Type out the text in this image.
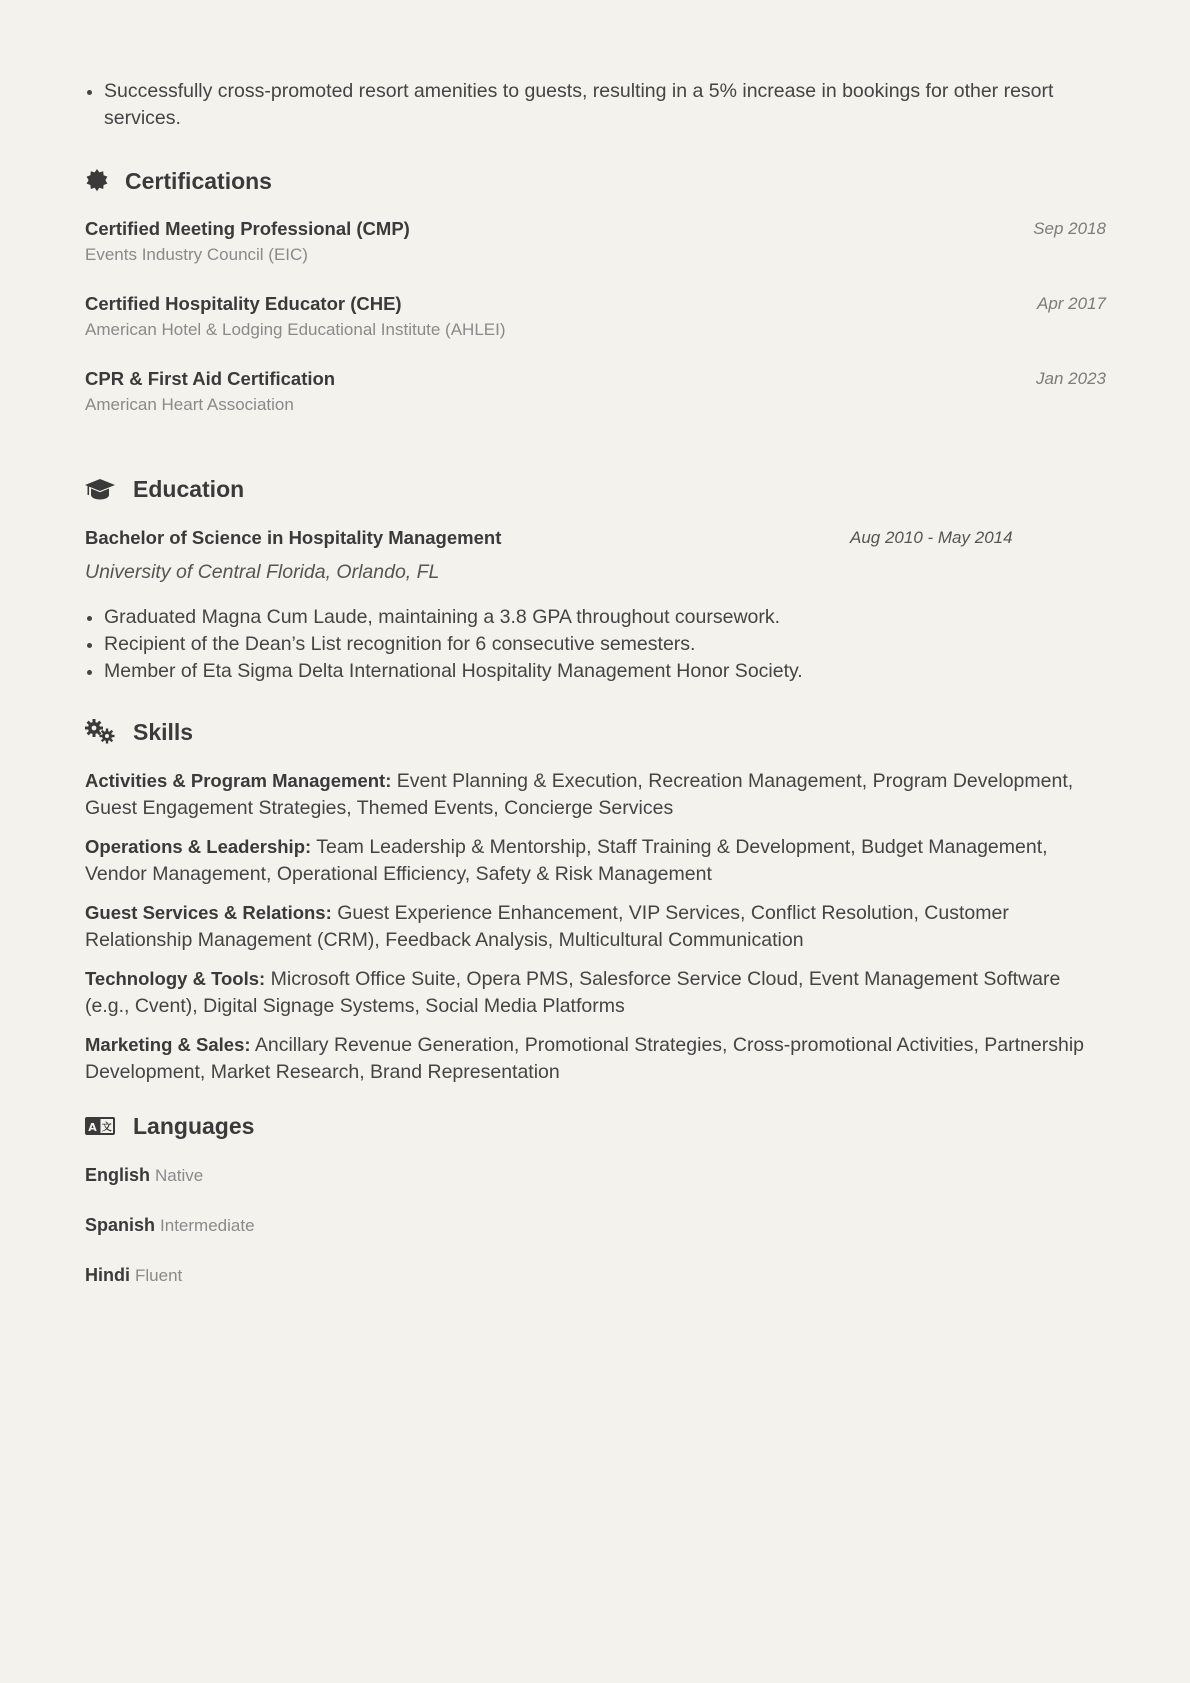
Successfully cross-promoted resort amenities to guests, resulting in a 5% increase in bookings for other resort services.
Certifications
Certified Meeting Professional (CMP)
Events Industry Council (EIC)
Sep 2018
Certified Hospitality Educator (CHE)
American Hotel & Lodging Educational Institute (AHLEI)
Apr 2017
CPR & First Aid Certification
American Heart Association
Jan 2023
Education
Bachelor of Science in Hospitality Management	Aug 2010 - May 2014
University of Central Florida, Orlando, FL
Graduated Magna Cum Laude, maintaining a 3.8 GPA throughout coursework.
Recipient of the Dean’s List recognition for 6 consecutive semesters.
Member of Eta Sigma Delta International Hospitality Management Honor Society.
Skills

Activities & Program Management: Event Planning & Execution, Recreation Management, Program Development, Guest Engagement Strategies, Themed Events, Concierge Services

Operations & Leadership: Team Leadership & Mentorship, Staff Training & Development, Budget Management, Vendor Management, Operational Efficiency, Safety & Risk Management

Guest Services & Relations: Guest Experience Enhancement, VIP Services, Conflict Resolution, Customer Relationship Management (CRM), Feedback Analysis, Multicultural Communication

Technology & Tools: Microsoft Office Suite, Opera PMS, Salesforce Service Cloud, Event Management Software (e.g., Cvent), Digital Signage Systems, Social Media Platforms

Marketing & Sales: Ancillary Revenue Generation, Promotional Strategies, Cross-promotional Activities, Partnership Development, Market Research, Brand Representation

A 文 Languages
English Native
Spanish Intermediate
Hindi Fluent
